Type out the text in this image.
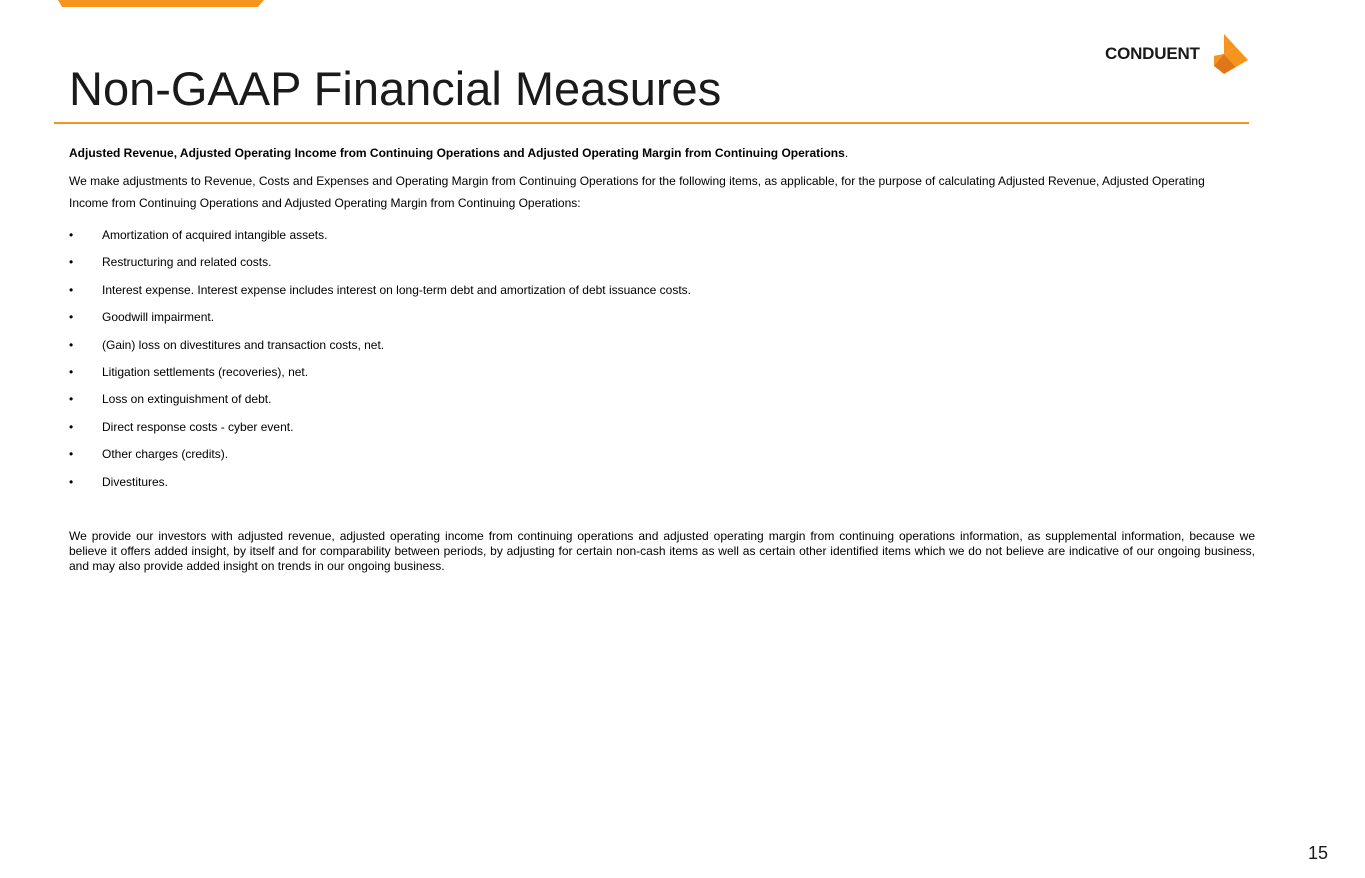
CONDUENT
Non-GAAP Financial Measures

Adjusted Revenue, Adjusted Operating Income from Continuing Operations and Adjusted Operating Margin from Continuing Operations.

We make adjustments to Revenue, Costs and Expenses and Operating Margin from Continuing Operations for the following items, as applicable, for the purpose of calculating Adjusted Revenue, Adjusted Operating Income from Continuing Operations and Adjusted Operating Margin from Continuing Operations:

•	Amortization of acquired intangible assets.
•	Restructuring and related costs.
•	Interest expense. Interest expense includes interest on long-term debt and amortization of debt issuance costs.
•	Goodwill impairment.
•	(Gain) loss on divestitures and transaction costs, net.
•	Litigation settlements (recoveries), net.
•	Loss on extinguishment of debt.
•	Direct response costs - cyber event.
•	Other charges (credits).
•	Divestitures.

We provide our investors with adjusted revenue, adjusted operating income from continuing operations and adjusted operating margin from continuing operations information, as supplemental information, because we believe it offers added insight, by itself and for comparability between periods, by adjusting for certain non-cash items as well as certain other identified items which we do not believe are indicative of our ongoing business, and may also provide added insight on trends in our ongoing business.

15
